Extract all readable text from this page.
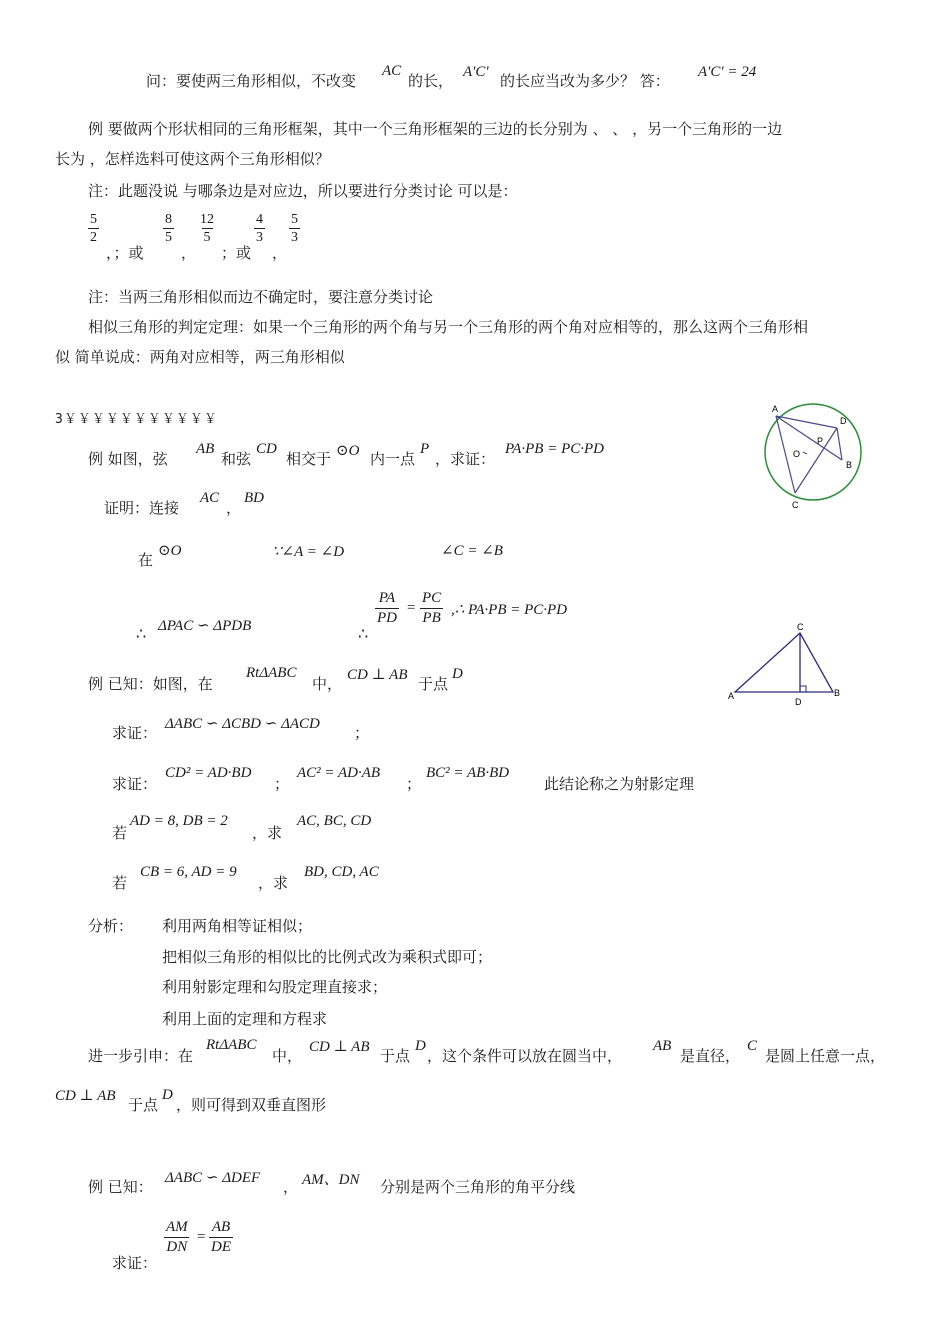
问：要使两三角形相似，不改变
AC
的长， A'C' 的长应当改为多少？ 答： A'C' = 24
例 要做两个形状相同的三角形框架，其中一个三角形框架的三边的长分别为 、 、 ，另一个三角形的一边
长为 ，怎样选料可使这两个三角形相似？
注：此题没说 与哪条边是对应边，所以要进行分类讨论 可以是：
$\frac{5}{2}$
，；或
$\frac{8}{5}$
，
$\frac{12}{5}$
；或
$\frac{4}{3}$
，
$\frac{5}{3}$
注：当两三角形相似而边不确定时，要注意分类讨论
相似三角形的判定定理：如果一个三角形的两个角与另一个三角形的两个角对应相等的，那么这两个三角形相
似 简单说成：两角对应相等，两三角形相似
3￥￥￥￥￥￥￥￥￥￥￥
A
D
P
O
B
C
例 如图，弦
AB
和弦
CD
相交于 ⊙O 内一点
P
，求证：
PA·PB = PC·PD
证明：连接
AC
，
BD
在 ⊙O	∵∠A = ∠D	∠C = ∠B
∴ ΔPAC ∽ ΔPDB	∴
$\frac{PA}{PD} = \frac{PC}{PB}$ ,∴ PA·PB = PC·PD
C
A
D
B
例 已知：如图，在
RtΔABC
中， CD ⊥ AB 于点
D
求证： ΔABC ∽ ΔCBD ∽ ΔACD ；
求证：
CD² = AD·BD
；
AC² = AD·AB
；
BC² = AB·BD
此结论称之为射影定理
若
AD = 8, DB = 2
，求
AC, BC, CD
若
CB = 6, AD = 9
，求
BD, CD, AC
分析： 利用两角相等证相似；
把相似三角形的相似比的比例式改为乘积式即可；
利用射影定理和勾股定理直接求；
利用上面的定理和方程求
进一步引申：在
RtΔABC
中， CD ⊥ AB 于点
D
，这个条件可以放在圆当中，
AB
是直径，
C
是圆上任意一点，
CD ⊥ AB 于点
D
，则可得到双垂直图形
例 已知： ΔABC ∽ ΔDEF ， AM、DN 分别是两个三角形的角平分线
$\frac{AM}{DN} = \frac{AB}{DE}$
求证：
